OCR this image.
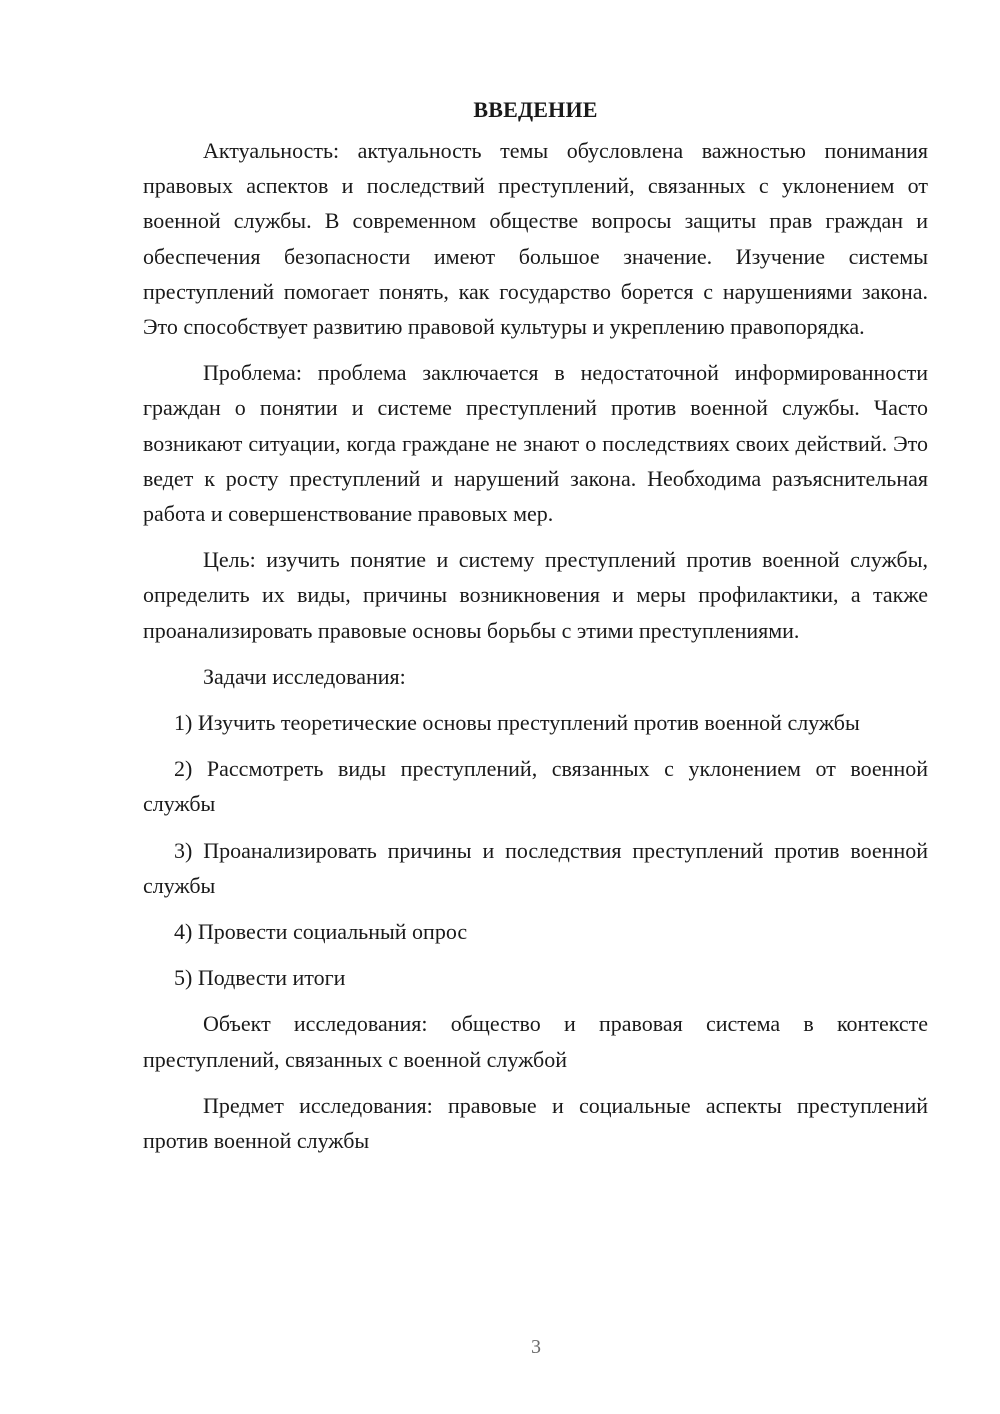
ВВЕДЕНИЕ

Актуальность: актуальность темы обусловлена важностью понимания правовых аспектов и последствий преступлений, связанных с уклонением от военной службы. В современном обществе вопросы защиты прав граждан и обеспечения безопасности имеют большое значение. Изучение системы преступлений помогает понять, как государство борется с нарушениями закона. Это способствует развитию правовой культуры и укреплению правопорядка.

Проблема: проблема заключается в недостаточной информированности граждан о понятии и системе преступлений против военной службы. Часто возникают ситуации, когда граждане не знают о последствиях своих действий. Это ведет к росту преступлений и нарушений закона. Необходима разъяснительная работа и совершенствование правовых мер.

Цель: изучить понятие и систему преступлений против военной службы, определить их виды, причины возникновения и меры профилактики, а также проанализировать правовые основы борьбы с этими преступлениями.

Задачи исследования:

1) Изучить теоретические основы преступлений против военной службы

2) Рассмотреть виды преступлений, связанных с уклонением от военной службы

3) Проанализировать причины и последствия преступлений против военной службы

4) Провести социальный опрос

5) Подвести итоги

Объект исследования: общество и правовая система в контексте преступлений, связанных с военной службой

Предмет исследования: правовые и социальные аспекты преступлений против военной службы

3
